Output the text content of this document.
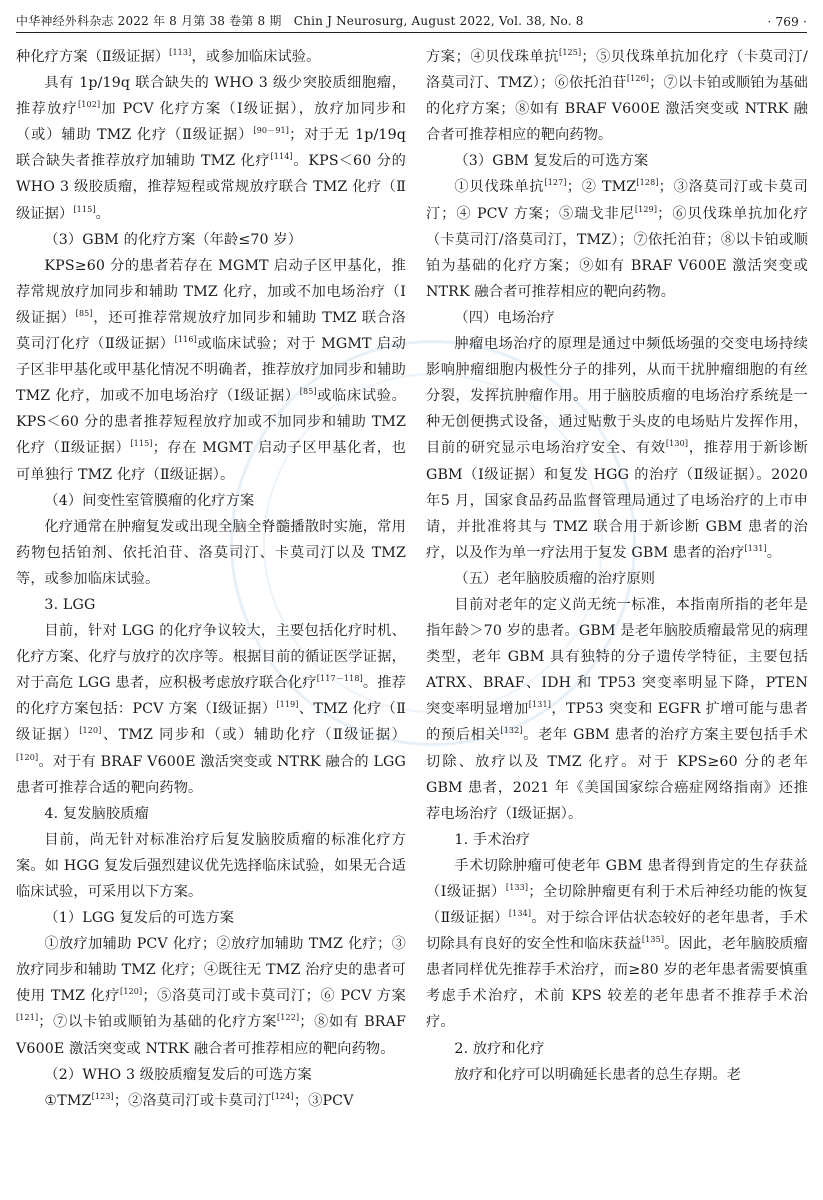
中华神经外科杂志 2022 年 8 月第 38 卷第 8 期　Chin J Neurosurg, August 2022, Vol. 38, No. 8	· 769 ·

种化疗方案（Ⅱ级证据）[113]，或参加临床试验。

具有 1p/19q 联合缺失的 WHO 3 级少突胶质细胞瘤，推荐放疗[102]加 PCV 化疗方案（Ⅰ级证据），放疗加同步和（或）辅助 TMZ 化疗（Ⅱ级证据）[90－91]；对于无 1p/19q 联合缺失者推荐放疗加辅助 TMZ 化疗[114]。KPS＜60 分的 WHO 3 级胶质瘤，推荐短程或常规放疗联合 TMZ 化疗（Ⅱ级证据）[115]。

（3）GBM 的化疗方案（年龄≤70 岁）

KPS≥60 分的患者若存在 MGMT 启动子区甲基化，推荐常规放疗加同步和辅助 TMZ 化疗，加或不加电场治疗（Ⅰ级证据）[85]，还可推荐常规放疗加同步和辅助 TMZ 联合洛莫司汀化疗（Ⅱ级证据）[116]或临床试验；对于 MGMT 启动子区非甲基化或甲基化情况不明确者，推荐放疗加同步和辅助 TMZ 化疗，加或不加电场治疗（Ⅰ级证据）[85]或临床试验。KPS＜60 分的患者推荐短程放疗加或不加同步和辅助 TMZ 化疗（Ⅱ级证据）[115]；存在 MGMT 启动子区甲基化者，也可单独行 TMZ 化疗（Ⅱ级证据）。

（4）间变性室管膜瘤的化疗方案

化疗通常在肿瘤复发或出现全脑全脊髓播散时实施，常用药物包括铂剂、依托泊苷、洛莫司汀、卡莫司汀以及 TMZ 等，或参加临床试验。

3. LGG

目前，针对 LGG 的化疗争议较大，主要包括化疗时机、化疗方案、化疗与放疗的次序等。根据目前的循证医学证据，对于高危 LGG 患者，应积极考虑放疗联合化疗[117－118]。推荐的化疗方案包括：PCV 方案（Ⅰ级证据）[119]、TMZ 化疗（Ⅱ级证据）[120]、TMZ 同步和（或）辅助化疗（Ⅱ级证据）[120]。对于有 BRAF V600E 激活突变或 NTRK 融合的 LGG 患者可推荐合适的靶向药物。

4. 复发脑胶质瘤

目前，尚无针对标准治疗后复发脑胶质瘤的标准化疗方案。如 HGG 复发后强烈建议优先选择临床试验，如果无合适临床试验，可采用以下方案。

（1）LGG 复发后的可选方案

①放疗加辅助 PCV 化疗；②放疗加辅助 TMZ 化疗；③放疗同步和辅助 TMZ 化疗；④既往无 TMZ 治疗史的患者可使用 TMZ 化疗[120]；⑤洛莫司汀或卡莫司汀；⑥ PCV 方案[121]；⑦以卡铂或顺铂为基础的化疗方案[122]；⑧如有 BRAF V600E 激活突变或 NTRK 融合者可推荐相应的靶向药物。

（2）WHO 3 级胶质瘤复发后的可选方案

①TMZ[123]；②洛莫司汀或卡莫司汀[124]；③PCV

方案；④贝伐珠单抗[125]；⑤贝伐珠单抗加化疗（卡莫司汀/洛莫司汀、TMZ）；⑥依托泊苷[126]；⑦以卡铂或顺铂为基础的化疗方案；⑧如有 BRAF V600E 激活突变或 NTRK 融合者可推荐相应的靶向药物。

（3）GBM 复发后的可选方案

①贝伐珠单抗[127]；② TMZ[128]；③洛莫司汀或卡莫司汀；④ PCV 方案；⑤瑞戈非尼[129]；⑥贝伐珠单抗加化疗（卡莫司汀/洛莫司汀，TMZ）；⑦依托泊苷；⑧以卡铂或顺铂为基础的化疗方案；⑨如有 BRAF V600E 激活突变或 NTRK 融合者可推荐相应的靶向药物。

（四）电场治疗

肿瘤电场治疗的原理是通过中频低场强的交变电场持续影响肿瘤细胞内极性分子的排列，从而干扰肿瘤细胞的有丝分裂，发挥抗肿瘤作用。用于脑胶质瘤的电场治疗系统是一种无创便携式设备，通过贴敷于头皮的电场贴片发挥作用，目前的研究显示电场治疗安全、有效[130]，推荐用于新诊断 GBM（Ⅰ级证据）和复发 HGG 的治疗（Ⅱ级证据）。2020 年5 月，国家食品药品监督管理局通过了电场治疗的上市申请，并批准将其与 TMZ 联合用于新诊断 GBM 患者的治疗，以及作为单一疗法用于复发 GBM 患者的治疗[131]。

（五）老年脑胶质瘤的治疗原则

目前对老年的定义尚无统一标准，本指南所指的老年是指年龄＞70 岁的患者。GBM 是老年脑胶质瘤最常见的病理类型，老年 GBM 具有独特的分子遗传学特征，主要包括 ATRX、BRAF、IDH 和 TP53 突变率明显下降，PTEN 突变率明显增加[131]，TP53 突变和 EGFR 扩增可能与患者的预后相关[132]。老年 GBM 患者的治疗方案主要包括手术切除、放疗以及 TMZ 化疗。对于 KPS≥60 分的老年 GBM 患者，2021 年《美国国家综合癌症网络指南》还推荐电场治疗（Ⅰ级证据）。

1. 手术治疗

手术切除肿瘤可使老年 GBM 患者得到肯定的生存获益（Ⅰ级证据）[133]；全切除肿瘤更有利于术后神经功能的恢复（Ⅱ级证据）[134]。对于综合评估状态较好的老年患者，手术切除具有良好的安全性和临床获益[135]。因此，老年脑胶质瘤患者同样优先推荐手术治疗，而≥80 岁的老年患者需要慎重考虑手术治疗，术前 KPS 较差的老年患者不推荐手术治疗。

2. 放疗和化疗

放疗和化疗可以明确延长患者的总生存期。老
